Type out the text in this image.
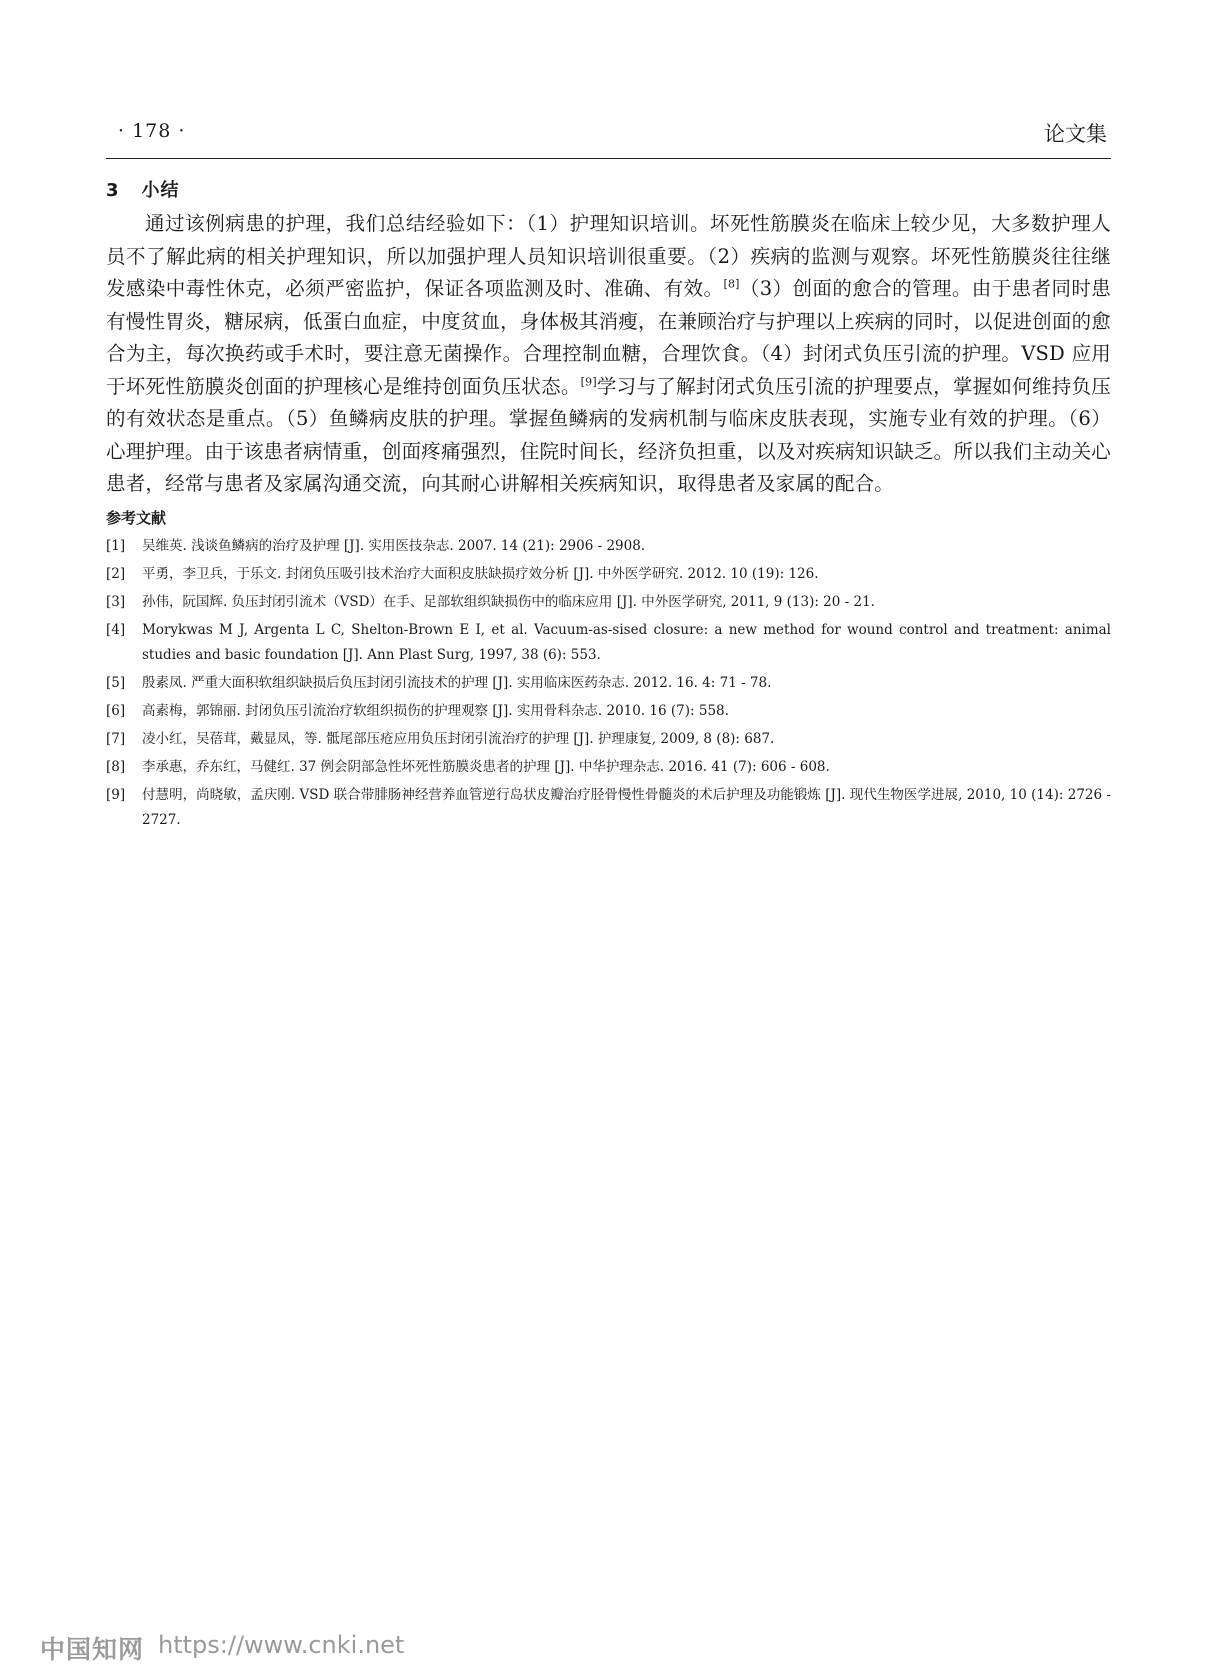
· 178 ·	论文集
3 小结

通过该例病患的护理，我们总结经验如下：（1）护理知识培训。坏死性筋膜炎在临床上较少见，大多数护理人员不了解此病的相关护理知识，所以加强护理人员知识培训很重要。（2）疾病的监测与观察。坏死性筋膜炎往往继发感染中毒性休克，必须严密监护，保证各项监测及时、准确、有效。[8]（3）创面的愈合的管理。由于患者同时患有慢性胃炎，糖尿病，低蛋白血症，中度贫血，身体极其消瘦，在兼顾治疗与护理以上疾病的同时，以促进创面的愈合为主，每次换药或手术时，要注意无菌操作。合理控制血糖，合理饮食。（4）封闭式负压引流的护理。VSD 应用于坏死性筋膜炎创面的护理核心是维持创面负压状态。[9]学习与了解封闭式负压引流的护理要点，掌握如何维持负压的有效状态是重点。（5）鱼鳞病皮肤的护理。掌握鱼鳞病的发病机制与临床皮肤表现，实施专业有效的护理。（6）心理护理。由于该患者病情重，创面疼痛强烈，住院时间长，经济负担重，以及对疾病知识缺乏。所以我们主动关心患者，经常与患者及家属沟通交流，向其耐心讲解相关疾病知识，取得患者及家属的配合。

参考文献
[1] 吴维英. 浅谈鱼鳞病的治疗及护理 [J]. 实用医技杂志. 2007. 14 (21): 2906 - 2908.
[2] 平勇，李卫兵，于乐文. 封闭负压吸引技术治疗大面积皮肤缺损疗效分析 [J]. 中外医学研究. 2012. 10 (19): 126.
[3] 孙伟，阮国辉. 负压封闭引流术（VSD）在手、足部软组织缺损伤中的临床应用 [J]. 中外医学研究, 2011, 9 (13): 20 - 21.
[4] Morykwas M J, Argenta L C, Shelton-Brown E I, et al. Vacuum-as-sised closure: a new method for wound control and treatment: animal studies and basic foundation [J]. Ann Plast Surg, 1997, 38 (6): 553.
[5] 殷素凤. 严重大面积软组织缺损后负压封闭引流技术的护理 [J]. 实用临床医药杂志. 2012. 16. 4: 71 - 78.
[6] 高素梅，郭锦丽. 封闭负压引流治疗软组织损伤的护理观察 [J]. 实用骨科杂志. 2010. 16 (7): 558.
[7] 凌小红，吴蓓茸，戴显凤，等. 骶尾部压疮应用负压封闭引流治疗的护理 [J]. 护理康复, 2009, 8 (8): 687.
[8] 李承惠，乔东红，马健红. 37 例会阴部急性坏死性筋膜炎患者的护理 [J]. 中华护理杂志. 2016. 41 (7): 606 - 608.
[9] 付慧明，尚晓敏，孟庆刚. VSD 联合带腓肠神经营养血管逆行岛状皮瓣治疗胫骨慢性骨髓炎的术后护理及功能锻炼 [J]. 现代生物医学进展, 2010, 10 (14): 2726 - 2727.
中国知网 https://www.cnki.net
